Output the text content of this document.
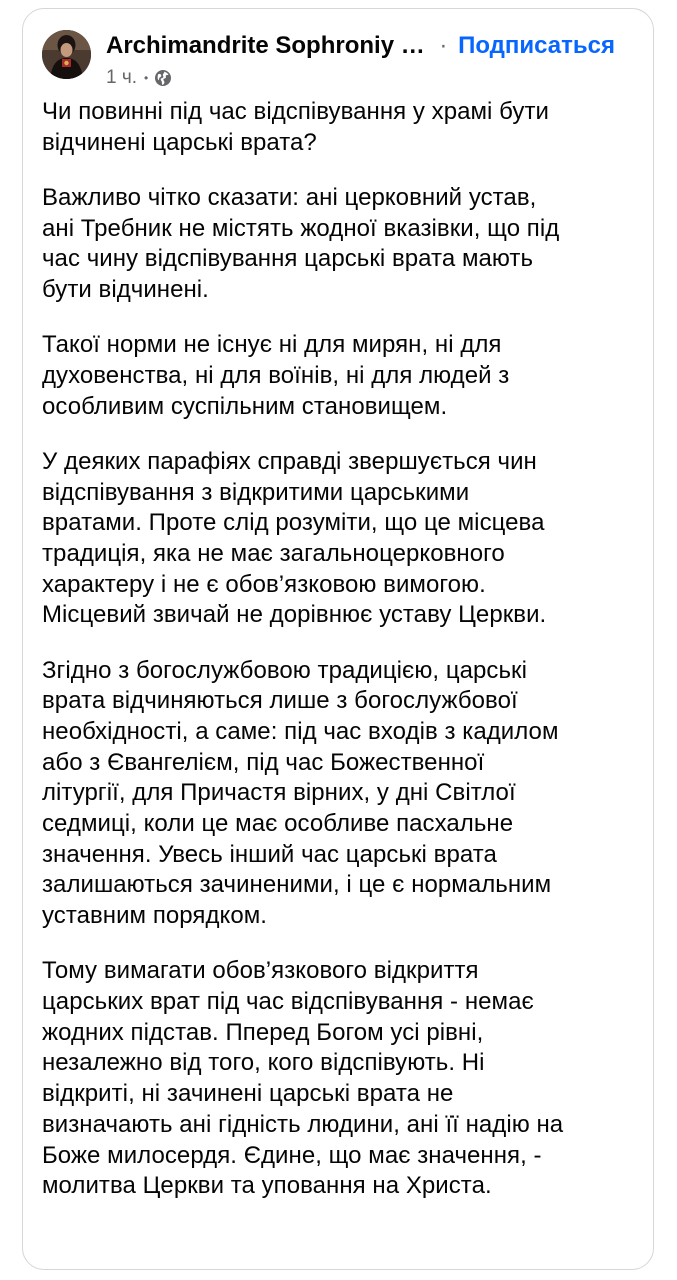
Archimandrite Sophroniy … · Подписаться
1 ч. •

Чи повинні під час відспівування у храмі бути
відчинені царські врата?

Важливо чітко сказати: ані церковний устав,
ані Требник не містять жодної вказівки, що під
час чину відспівування царські врата мають
бути відчинені.

Такої норми не існує ні для мирян, ні для
духовенства, ні для воїнів, ні для людей з
особливим суспільним становищем.

У деяких парафіях справді звершується чин
відспівування з відкритими царськими
вратами. Проте слід розуміти, що це місцева
традиція, яка не має загальноцерковного
характеру і не є обов’язковою вимогою.
Місцевий звичай не дорівнює уставу Церкви.

Згідно з богослужбовою традицією, царські
врата відчиняються лише з богослужбової
необхідності, а саме: під час входів з кадилом
або з Євангелієм, під час Божественної
літургії, для Причастя вірних, у дні Світлої
седмиці, коли це має особливе пасхальне
значення. Увесь інший час царські врата
залишаються зачиненими, і це є нормальним
уставним порядком.

Тому вимагати обов’язкового відкриття
царських врат під час відспівування - немає
жодних підстав. Пперед Богом усі рівні,
незалежно від того, кого відспівують. Ні
відкриті, ні зачинені царські врата не
визначають ані гідність людини, ані її надію на
Боже милосердя. Єдине, що має значення, -
молитва Церкви та уповання на Христа.
